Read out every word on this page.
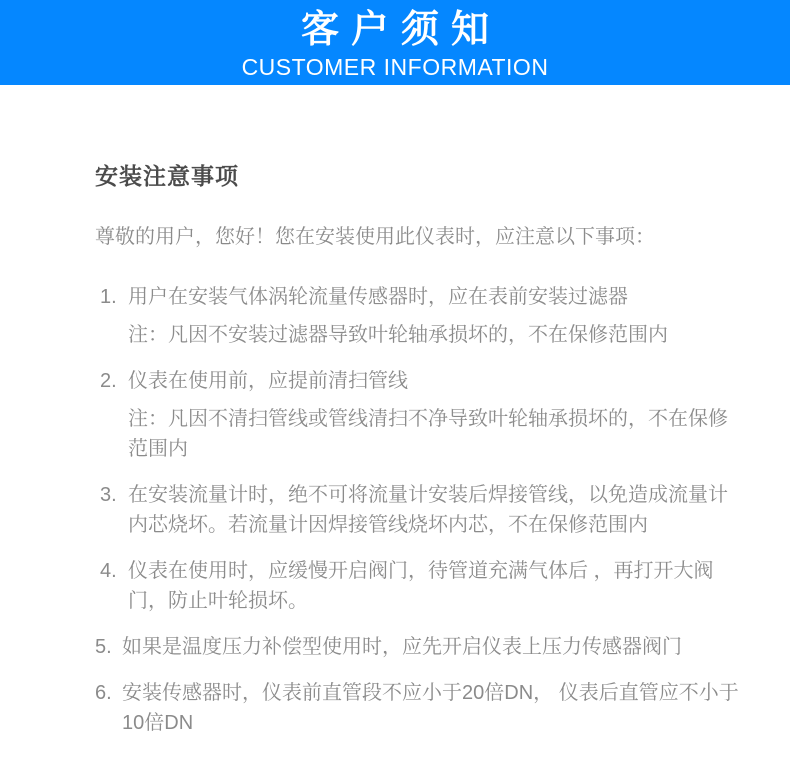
客户须知
CUSTOMER INFORMATION
安装注意事项

尊敬的用户，您好！您在安装使用此仪表时，应注意以下事项：

1. 用户在安装气体涡轮流量传感器时，应在表前安装过滤器
注：凡因不安装过滤器导致叶轮轴承损坏的，不在保修范围内
2. 仪表在使用前，应提前清扫管线
注：凡因不清扫管线或管线清扫不净导致叶轮轴承损坏的，不在保修范围内
3. 在安装流量计时，绝不可将流量计安装后焊接管线，以免造成流量计内芯烧坏。若流量计因焊接管线烧坏内芯，不在保修范围内
4. 仪表在使用时，应缓慢开启阀门，待管道充满气体后 ，再打开大阀门，防止叶轮损坏。
5. 如果是温度压力补偿型使用时，应先开启仪表上压力传感器阀门
6. 安装传感器时，仪表前直管段不应小于20倍DN， 仪表后直管应不小于10倍DN
